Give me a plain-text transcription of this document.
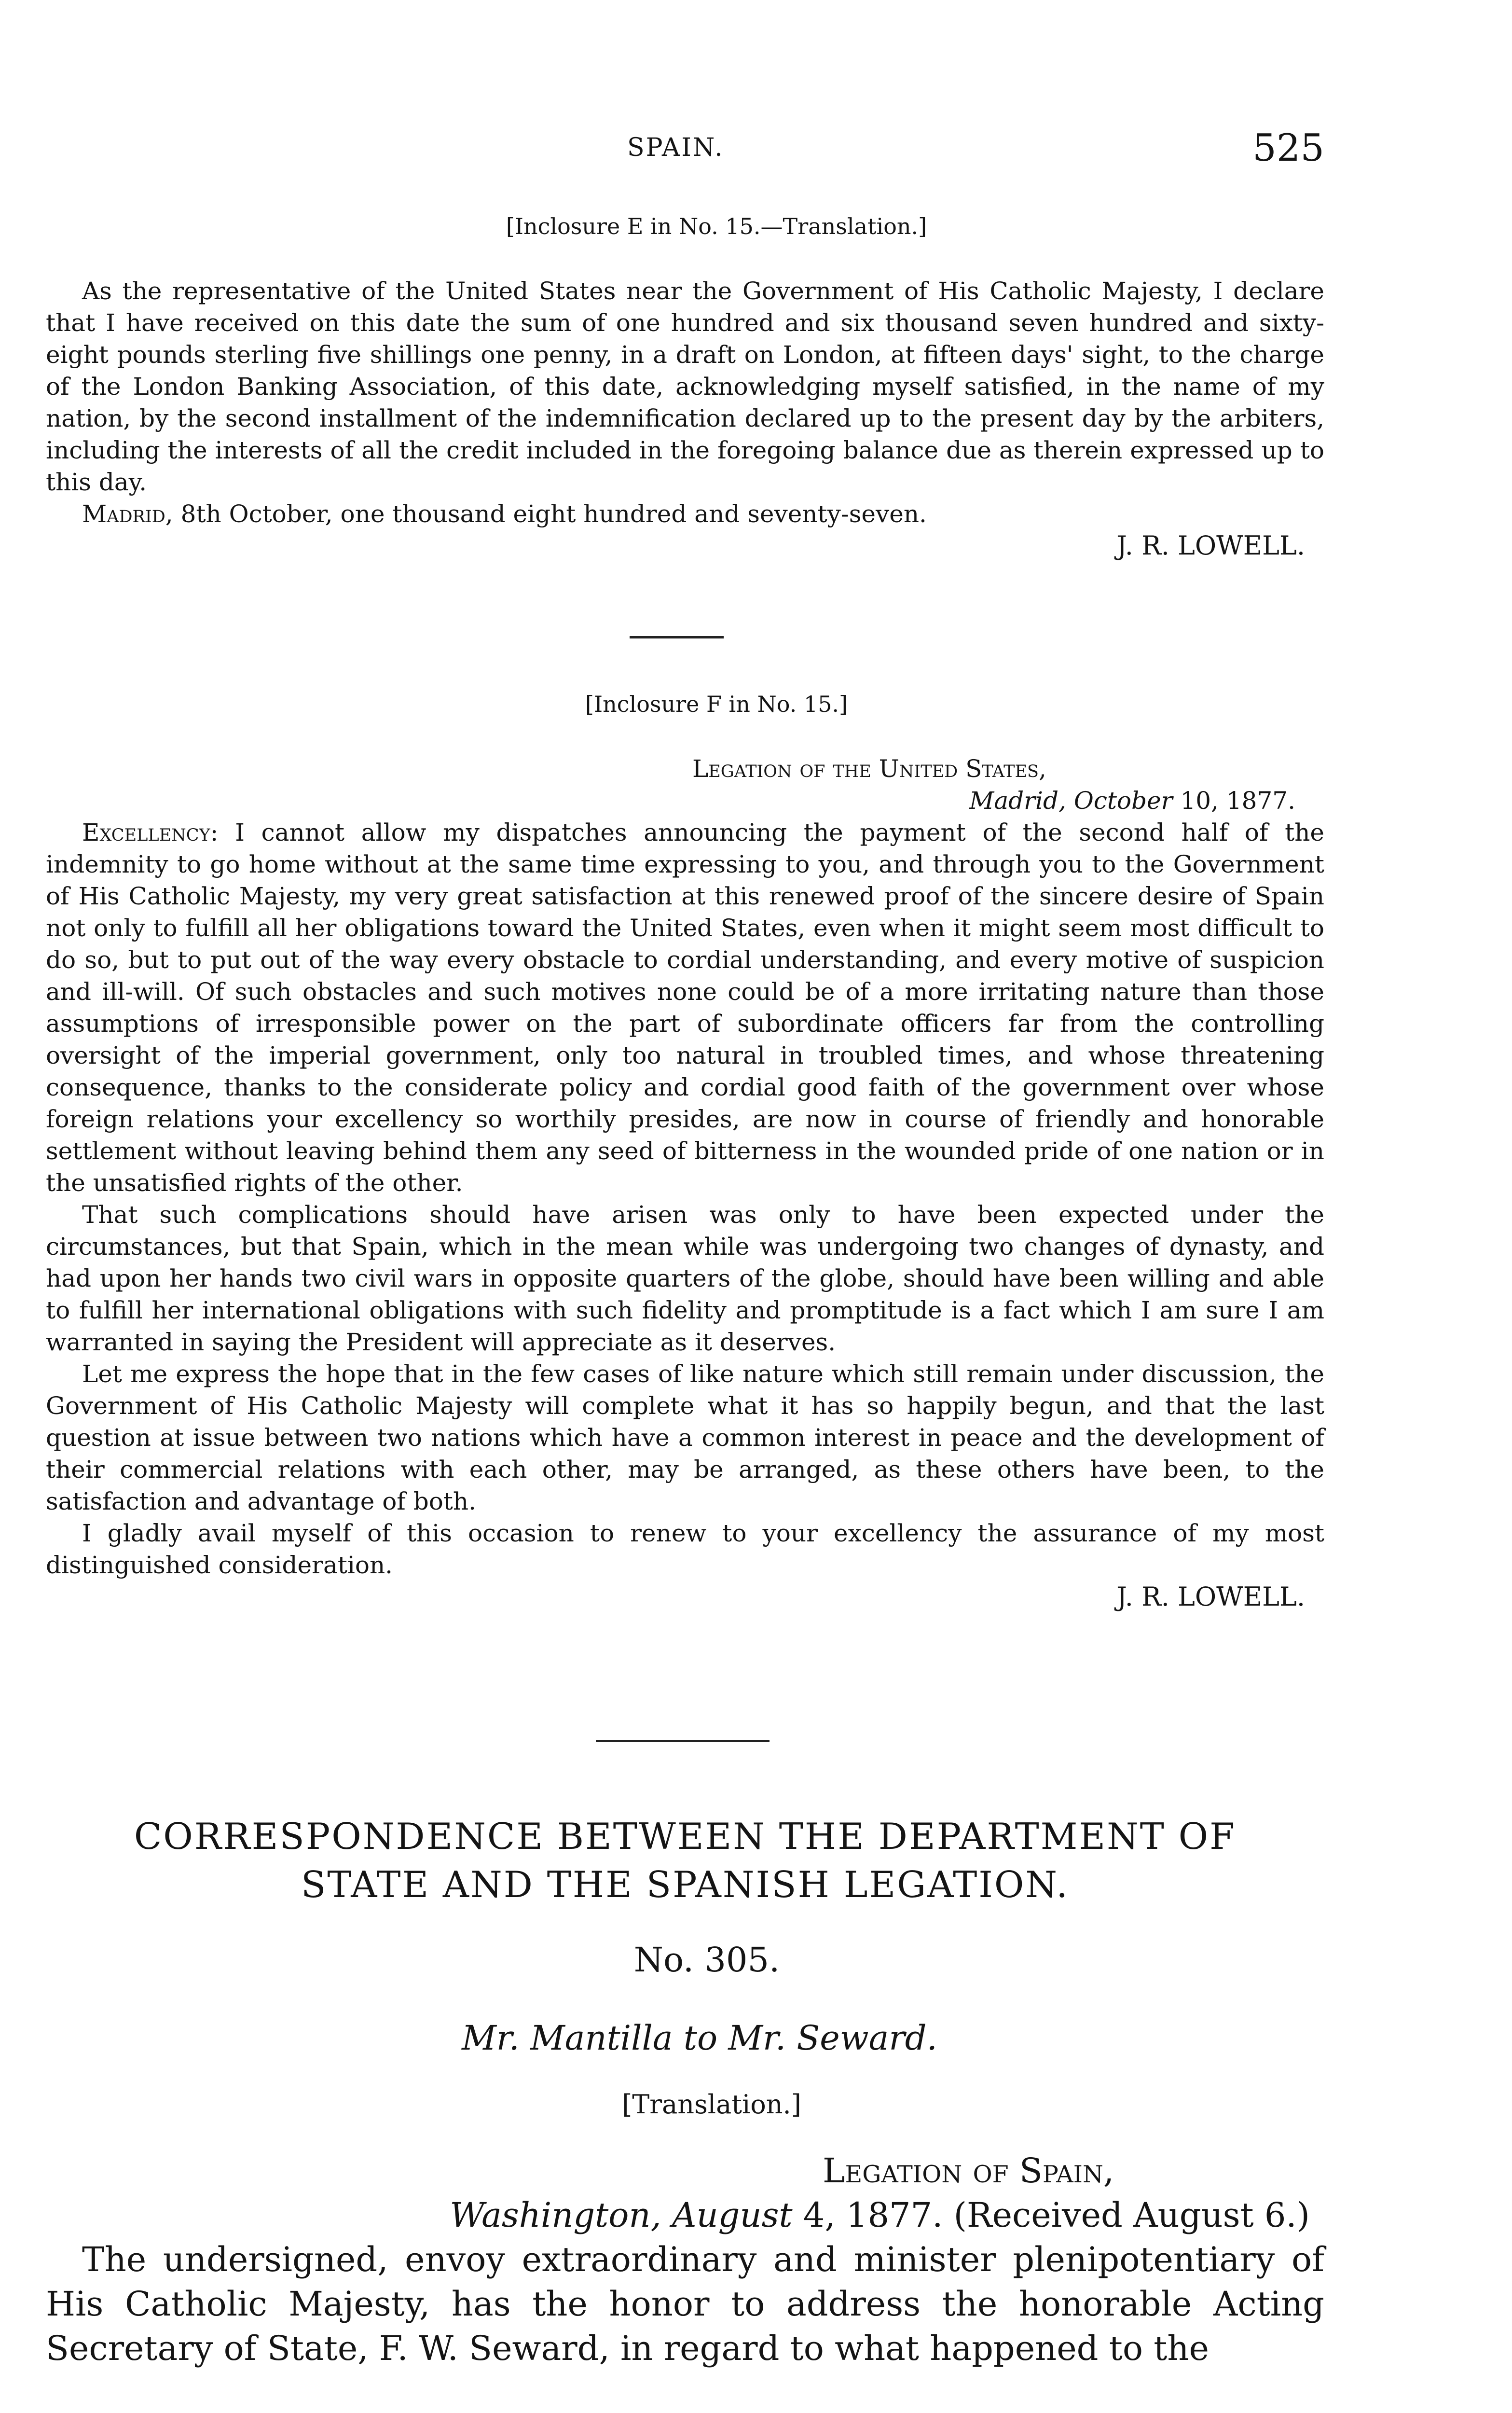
SPAIN.	525
[Inclosure E in No. 15.—Translation.]

As the representative of the United States near the Government of His Catholic Majesty, I declare that I have received on this date the sum of one hundred and six thousand seven hundred and sixty-eight pounds sterling five shillings one penny, in a draft on London, at fifteen days' sight, to the charge of the London Banking Association, of this date, acknowledging myself satisfied, in the name of my nation, by the second installment of the indemnification declared up to the present day by the arbiters, including the interests of all the credit included in the foregoing balance due as therein expressed up to this day.

Madrid, 8th October, one thousand eight hundred and seventy-seven.

J. R. LOWELL.

[Inclosure F in No. 15.]

Legation of the United States,

Madrid, October 10, 1877.

Excellency: I cannot allow my dispatches announcing the payment of the second half of the indemnity to go home without at the same time expressing to you, and through you to the Government of His Catholic Majesty, my very great satisfaction at this renewed proof of the sincere desire of Spain not only to fulfill all her obligations toward the United States, even when it might seem most difficult to do so, but to put out of the way every obstacle to cordial understanding, and every motive of suspicion and ill-will. Of such obstacles and such motives none could be of a more irritating nature than those assumptions of irresponsible power on the part of subordinate officers far from the controlling oversight of the imperial government, only too natural in troubled times, and whose threatening consequence, thanks to the considerate policy and cordial good faith of the government over whose foreign relations your excellency so worthily presides, are now in course of friendly and honorable settlement without leaving behind them any seed of bitterness in the wounded pride of one nation or in the unsatisfied rights of the other.

That such complications should have arisen was only to have been expected under the circumstances, but that Spain, which in the mean while was undergoing two changes of dynasty, and had upon her hands two civil wars in opposite quarters of the globe, should have been willing and able to fulfill her international obligations with such fidelity and promptitude is a fact which I am sure I am warranted in saying the President will appreciate as it deserves.

Let me express the hope that in the few cases of like nature which still remain under discussion, the Government of His Catholic Majesty will complete what it has so happily begun, and that the last question at issue between two nations which have a common interest in peace and the development of their commercial relations with each other, may be arranged, as these others have been, to the satisfaction and advantage of both.

I gladly avail myself of this occasion to renew to your excellency the assurance of my most distinguished consideration.

J. R. LOWELL.

CORRESPONDENCE BETWEEN THE DEPARTMENT OF
STATE AND THE SPANISH LEGATION.
No. 305.
Mr. Mantilla to Mr. Seward.
[Translation.]
Legation of Spain,
Washington, August 4, 1877. (Received August 6.)

The undersigned, envoy extraordinary and minister plenipotentiary of His Catholic Majesty, has the honor to address the honorable Acting Secretary of State, F. W. Seward, in regard to what happened to the
